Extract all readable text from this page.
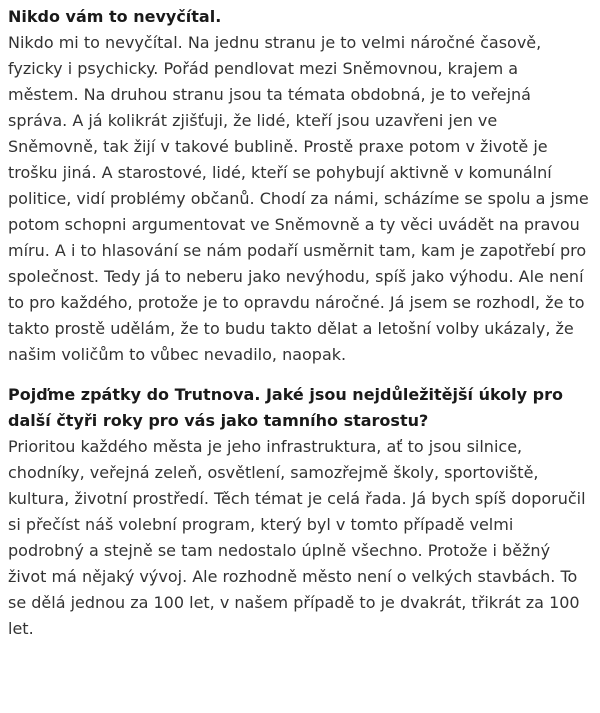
Nikdo vám to nevyčítal.

Nikdo mi to nevyčítal. Na jednu stranu je to velmi náročné časově, fyzicky i psychicky. Pořád pendlovat mezi Sněmovnou, krajem a městem. Na druhou stranu jsou ta témata obdobná, je to veřejná správa. A já kolikrát zjišťuji, že lidé, kteří jsou uzavřeni jen ve Sněmovně, tak žijí v takové bublině. Prostě praxe potom v životě je trošku jiná. A starostové, lidé, kteří se pohybují aktivně v komunální politice, vidí problémy občanů. Chodí za námi, scházíme se spolu a jsme potom schopni argumentovat ve Sněmovně a ty věci uvádět na pravou míru. A i to hlasování se nám podaří usměrnit tam, kam je zapotřebí pro společnost. Tedy já to neberu jako nevýhodu, spíš jako výhodu. Ale není to pro každého, protože je to opravdu náročné. Já jsem se rozhodl, že to takto prostě udělám, že to budu takto dělat a letošní volby ukázaly, že našim voličům to vůbec nevadilo, naopak.

Pojďme zpátky do Trutnova. Jaké jsou nejdůležitější úkoly pro další čtyři roky pro vás jako tamního starostu?

Prioritou každého města je jeho infrastruktura, ať to jsou silnice, chodníky, veřejná zeleň, osvětlení, samozřejmě školy, sportoviště, kultura, životní prostředí. Těch témat je celá řada. Já bych spíš doporučil si přečíst náš volební program, který byl v tomto případě velmi podrobný a stejně se tam nedostalo úplně všechno. Protože i běžný život má nějaký vývoj. Ale rozhodně město není o velkých stavbách. To se dělá jednou za 100 let, v našem případě to je dvakrát, třikrát za 100 let.
